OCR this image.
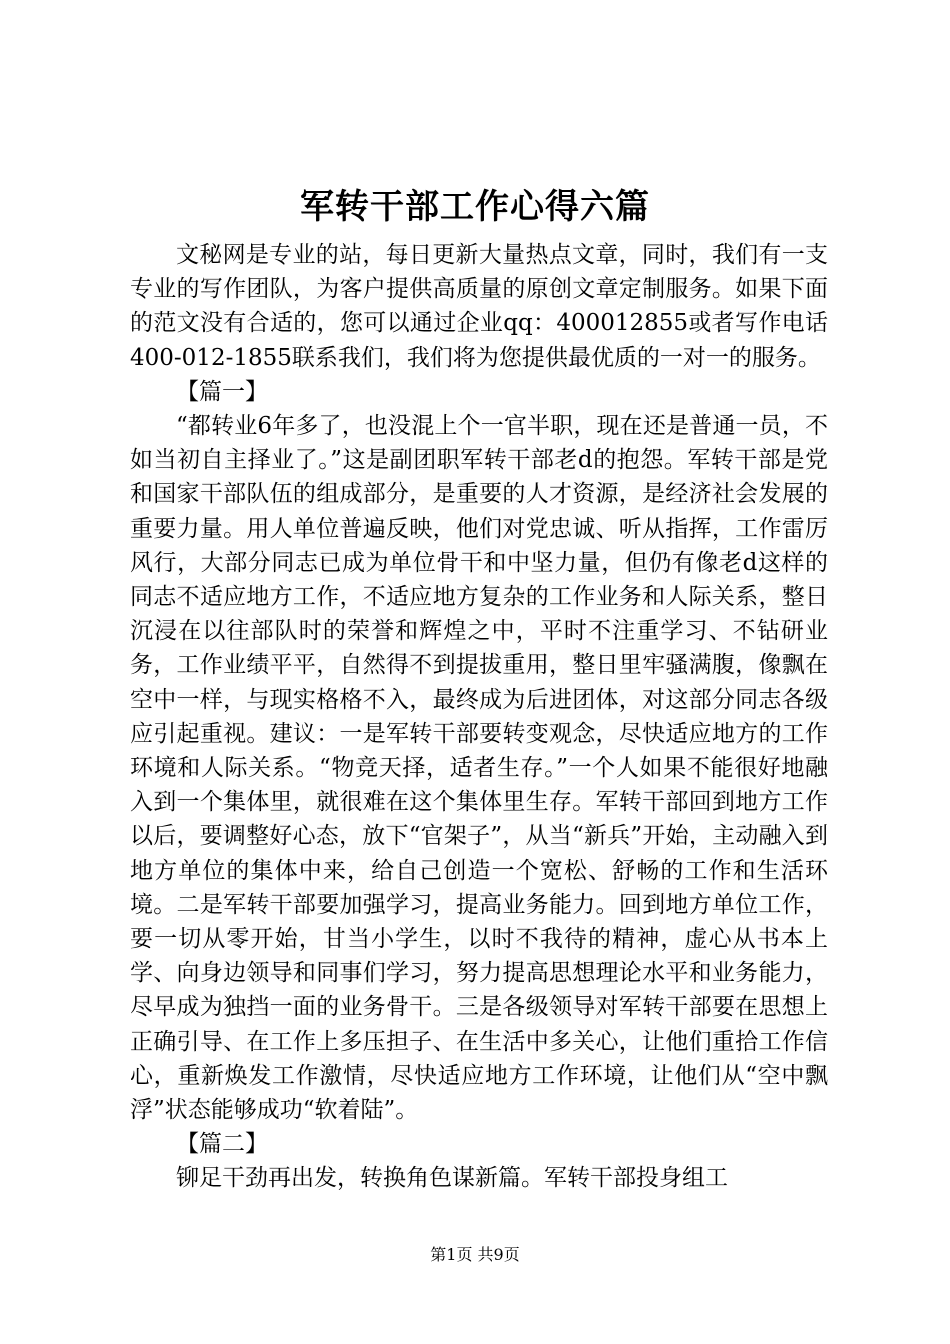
军转干部工作心得六篇

文秘网是专业的站，每日更新大量热点文章，同时，我们有一支专业的写作团队，为客户提供高质量的原创文章定制服务。如果下面的范文没有合适的，您可以通过企业qq：400012855或者写作电话400-012-1855联系我们，我们将为您提供最优质的一对一的服务。

【篇一】

“都转业6年多了，也没混上个一官半职，现在还是普通一员，不如当初自主择业了。”这是副团职军转干部老d的抱怨。军转干部是党和国家干部队伍的组成部分，是重要的人才资源，是经济社会发展的重要力量。用人单位普遍反映，他们对党忠诚、听从指挥，工作雷厉风行，大部分同志已成为单位骨干和中坚力量，但仍有像老d这样的同志不适应地方工作，不适应地方复杂的工作业务和人际关系，整日沉浸在以往部队时的荣誉和辉煌之中，平时不注重学习、不钻研业务，工作业绩平平，自然得不到提拔重用，整日里牢骚满腹，像飘在空中一样，与现实格格不入，最终成为后进团体，对这部分同志各级应引起重视。建议：一是军转干部要转变观念，尽快适应地方的工作环境和人际关系。“物竞天择，适者生存。”一个人如果不能很好地融入到一个集体里，就很难在这个集体里生存。军转干部回到地方工作以后，要调整好心态，放下“官架子”，从当“新兵”开始，主动融入到地方单位的集体中来，给自己创造一个宽松、舒畅的工作和生活环境。二是军转干部要加强学习，提高业务能力。回到地方单位工作，要一切从零开始，甘当小学生，以时不我待的精神，虚心从书本上学、向身边领导和同事们学习，努力提高思想理论水平和业务能力，尽早成为独挡一面的业务骨干。三是各级领导对军转干部要在思想上正确引导、在工作上多压担子、在生活中多关心，让他们重拾工作信心，重新焕发工作激情，尽快适应地方工作环境，让他们从“空中飘浮”状态能够成功“软着陆”。

【篇二】

铆足干劲再出发，转换角色谋新篇。军转干部投身组工

第1页 共9页
